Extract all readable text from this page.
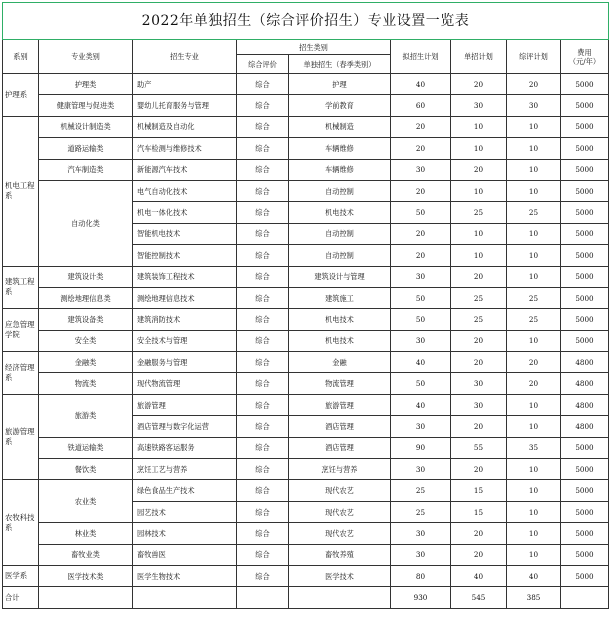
2022年单独招生（综合评价招生）专业设置一览表								
系别	专业类别	招生专业	招生类别		拟招生计划	单招计划	综评计划	费用
（元/年）
			综合评价	单独招生（春季类别）				
护理系	护理类	助产	综合	护理	40	20	20	5000
	健康管理与促进类	婴幼儿托育服务与管理	综合	学前教育	60	30	30	5000
机电工程系	机械设计制造类	机械制造及自动化	综合	机械制造	20	10	10	5000
	道路运输类	汽车检测与维修技术	综合	车辆维修	20	10	10	5000
	汽车制造类	新能源汽车技术	综合	车辆维修	30	20	10	5000
	自动化类	电气自动化技术	综合	自动控制	20	10	10	5000
		机电一体化技术	综合	机电技术	50	25	25	5000
		智能机电技术	综合	自动控制	20	10	10	5000
		智能控制技术	综合	自动控制	20	10	10	5000
建筑工程系	建筑设计类	建筑装饰工程技术	综合	建筑设计与管理	30	20	10	5000
	测绘地理信息类	测绘地理信息技术	综合	建筑施工	50	25	25	5000
应急管理学院	建筑设备类	建筑消防技术	综合	机电技术	50	25	25	5000
	安全类	安全技术与管理	综合	机电技术	30	20	10	5000
经济管理系	金融类	金融服务与管理	综合	金融	40	20	20	4800
	物流类	现代物流管理	综合	物流管理	50	30	20	4800
旅游管理系	旅游类	旅游管理	综合	旅游管理	40	30	10	4800
		酒店管理与数字化运营	综合	酒店管理	30	20	10	4800
	铁道运输类	高速铁路客运服务	综合	酒店管理	90	55	35	5000
	餐饮类	烹饪工艺与营养	综合	烹饪与营养	30	20	10	5000
农牧科技系	农业类	绿色食品生产技术	综合	现代农艺	25	15	10	5000
		园艺技术	综合	现代农艺	25	15	10	5000
	林业类	园林技术	综合	现代农艺	30	20	10	5000
	畜牧业类	畜牧兽医	综合	畜牧养殖	30	20	10	5000
医学系	医学技术类	医学生物技术	综合	医学技术	80	40	40	5000
合计					930	545	385	
